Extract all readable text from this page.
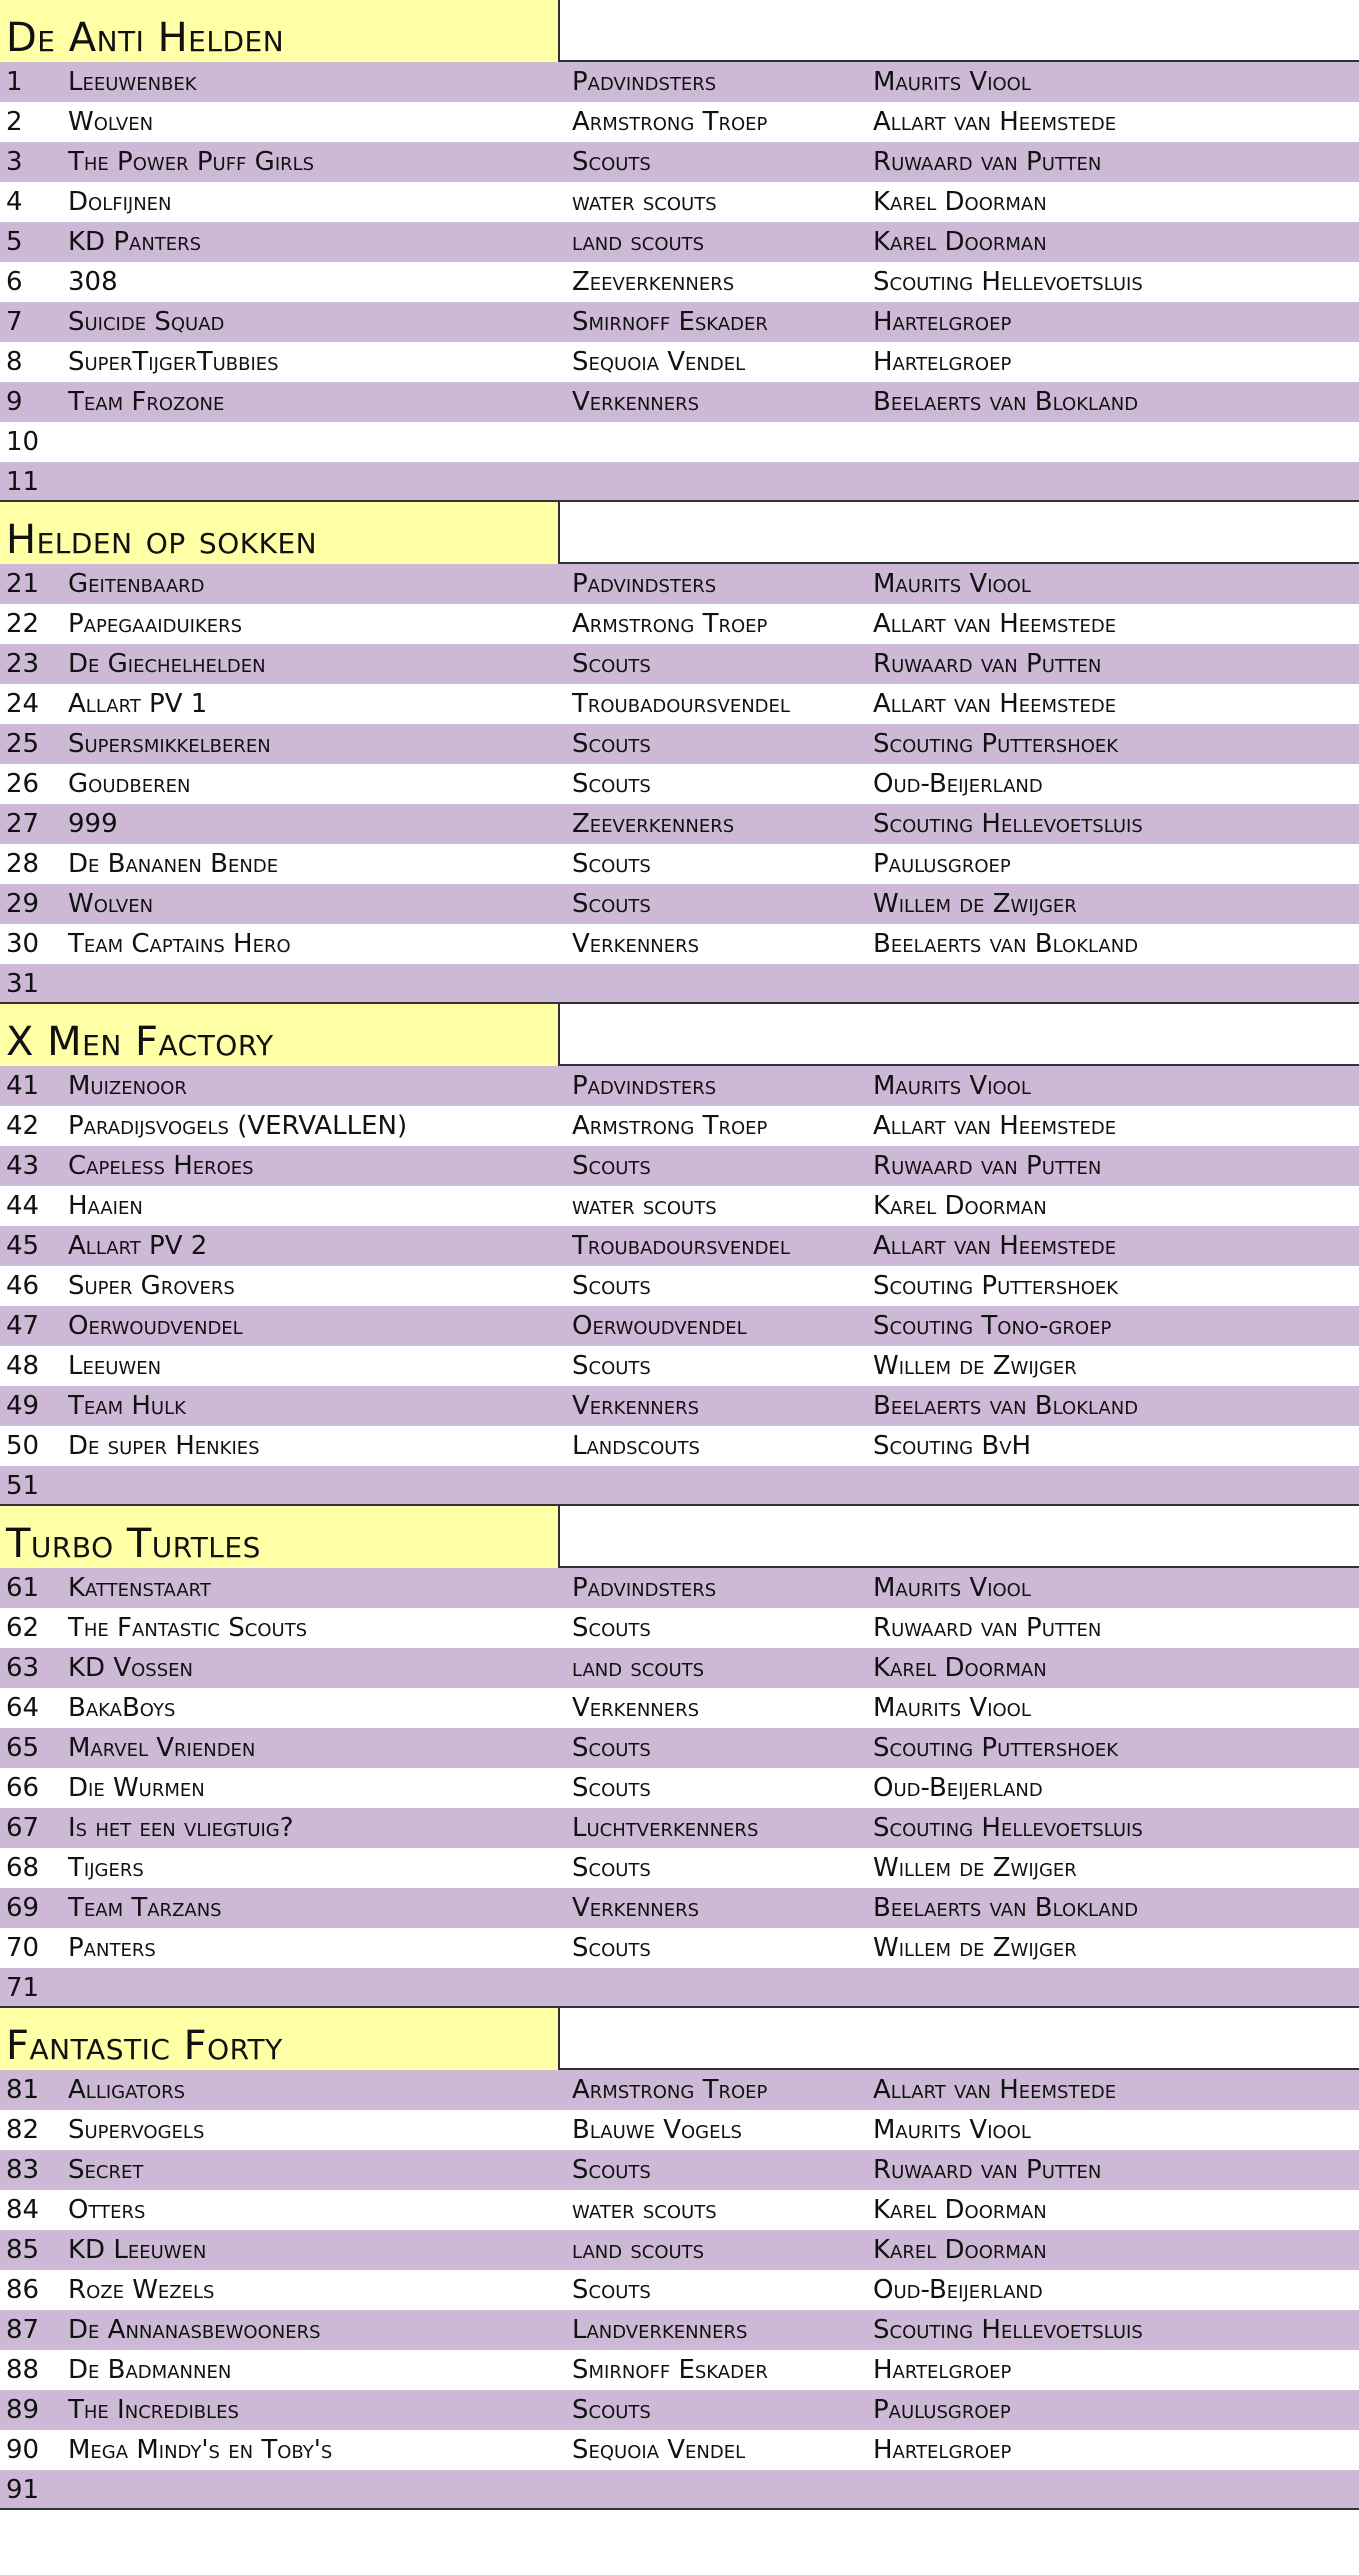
De Anti Helden
1	Leeuwenbek	Padvindsters	Maurits Viool
2	Wolven	Armstrong Troep	Allart van Heemstede
3	The Power Puff Girls	Scouts	Ruwaard van Putten
4	Dolfijnen	water scouts	Karel Doorman
5	KD Panters	land scouts	Karel Doorman
6	308	Zeeverkenners	Scouting Hellevoetsluis
7	Suicide Squad	Smirnoff Eskader	Hartelgroep
8	SuperTijgerTubbies	Sequoia Vendel	Hartelgroep
9	Team Frozone	Verkenners	Beelaerts van Blokland
10
11
Helden op sokken
21	Geitenbaard	Padvindsters	Maurits Viool
22	Papegaaiduikers	Armstrong Troep	Allart van Heemstede
23	De Giechelhelden	Scouts	Ruwaard van Putten
24	Allart PV 1	Troubadoursvendel	Allart van Heemstede
25	Supersmikkelberen	Scouts	Scouting Puttershoek
26	Goudberen	Scouts	Oud-Beijerland
27	999	Zeeverkenners	Scouting Hellevoetsluis
28	De Bananen Bende	Scouts	Paulusgroep
29	Wolven	Scouts	Willem de Zwijger
30	Team Captains Hero	Verkenners	Beelaerts van Blokland
31
X Men Factory
41	Muizenoor	Padvindsters	Maurits Viool
42	Paradijsvogels (VERVALLEN)	Armstrong Troep	Allart van Heemstede
43	Capeless Heroes	Scouts	Ruwaard van Putten
44	Haaien	water scouts	Karel Doorman
45	Allart PV 2	Troubadoursvendel	Allart van Heemstede
46	Super Grovers	Scouts	Scouting Puttershoek
47	Oerwoudvendel	Oerwoudvendel	Scouting Tono-groep
48	Leeuwen	Scouts	Willem de Zwijger
49	Team Hulk	Verkenners	Beelaerts van Blokland
50	De super Henkies	Landscouts	Scouting BvH
51
Turbo Turtles
61	Kattenstaart	Padvindsters	Maurits Viool
62	The Fantastic Scouts	Scouts	Ruwaard van Putten
63	KD Vossen	land scouts	Karel Doorman
64	BakaBoys	Verkenners	Maurits Viool
65	Marvel Vrienden	Scouts	Scouting Puttershoek
66	Die Wurmen	Scouts	Oud-Beijerland
67	Is het een vliegtuig?	Luchtverkenners	Scouting Hellevoetsluis
68	Tijgers	Scouts	Willem de Zwijger
69	Team Tarzans	Verkenners	Beelaerts van Blokland
70	Panters	Scouts	Willem de Zwijger
71
Fantastic Forty
81	Alligators	Armstrong Troep	Allart van Heemstede
82	Supervogels	Blauwe Vogels	Maurits Viool
83	Secret	Scouts	Ruwaard van Putten
84	Otters	water scouts	Karel Doorman
85	KD Leeuwen	land scouts	Karel Doorman
86	Roze Wezels	Scouts	Oud-Beijerland
87	De Annanasbewooners	Landverkenners	Scouting Hellevoetsluis
88	De Badmannen	Smirnoff Eskader	Hartelgroep
89	The Incredibles	Scouts	Paulusgroep
90	Mega Mindy's en Toby's	Sequoia Vendel	Hartelgroep
91
